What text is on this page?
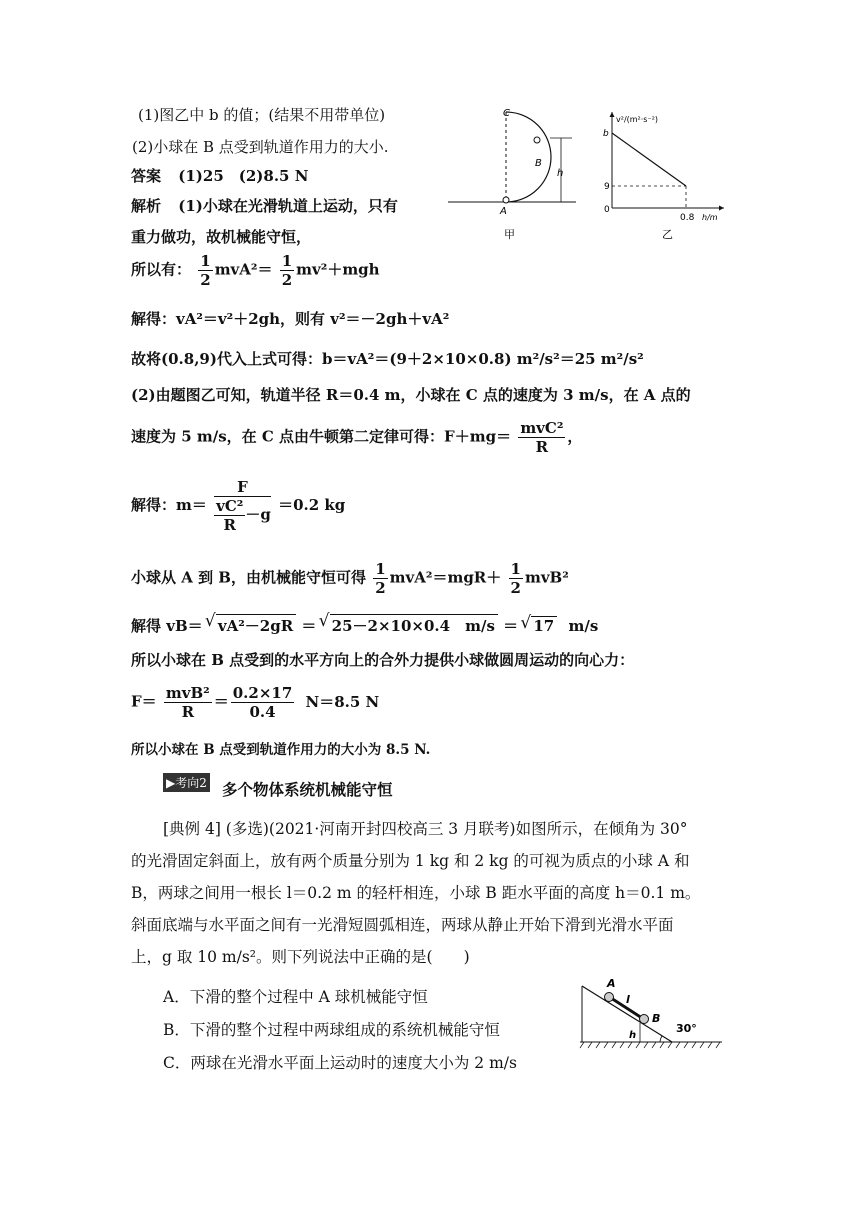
(1)图乙中 b 的值；(结果不用带单位)
(2)小球在 B 点受到轨道作用力的大小.
答案 (1)25　(2)8.5 N
解析 (1)小球在光滑轨道上运动，只有
重力做功，故机械能守恒，
所以有： $\frac{1}{2} mvA^2= \frac{1}{2} mv^2+mgh$
解得：vA²＝v²＋2gh，则有 v²＝－2gh＋vA²
故将(0.8,9)代入上式可得：b＝vA²＝(9＋2×10×0.8) m²/s²＝25 m²/s²
(2)由题图乙可知，轨道半径 R＝0.4 m，小球在 C 点的速度为 3 m/s，在 A 点的
速度为 5 m/s，在 C 点由牛顿第二定律可得：$F+mg= \frac{\text{mvC²}}{R}$ ，
解得：$m= \frac{F}{\frac{\text{vC²}}{R} -g} =0.2$ kg
小球从 A 到 B，由机械能守恒可得 $\frac{1}{2} mvA^2=mgR+ \frac{1}{2} mvB^2$
解得 vB＝ √ vA²－2gR ＝ √ 25－2×10×0.4　m/s ＝ √ 17 m/s
所以小球在 B 点受到的水平方向上的合外力提供小球做圆周运动的向心力：
$F= \frac{\text{mvB²}}{R} = \frac{0.2\times 17}{0.4} N=8.5$ N
所以小球在 B 点受到轨道作用力的大小为 8.5 N.
▶考向2 多个物体系统机械能守恒
[典例 4] (多选)(2021·河南开封四校高三 3 月联考)如图所示，在倾角为 30°
的光滑固定斜面上，放有两个质量分别为 1 kg 和 2 kg 的可视为质点的小球 A 和
B，两球之间用一根长 l＝0.2 m 的轻杆相连，小球 B 距水平面的高度 h＝0.1 m。
斜面底端与水平面之间有一光滑短圆弧相连，两球从静止开始下滑到光滑水平面
上，g 取 10 m/s²。则下列说法中正确的是(　　)
A．下滑的整个过程中 A 球机械能守恒
B．下滑的整个过程中两球组成的系统机械能守恒
C．两球在光滑水平面上运动时的速度大小为 2 m/s
C
B
A
h
甲
v²/(m²·s⁻²)
h/m
b
9
0
0.8
乙
A
l
B
h
30°
